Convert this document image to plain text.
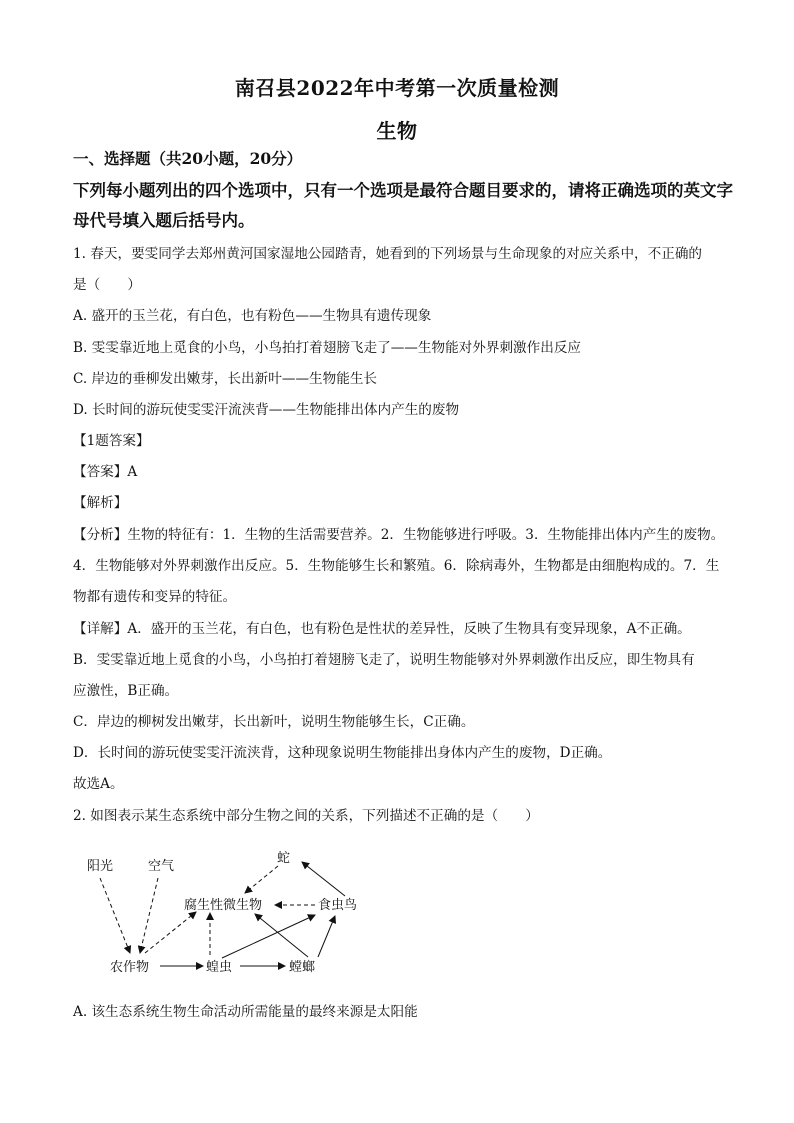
南召县2022年中考第一次质量检测
生物
一、选择题（共20小题，20分）
下列每小题列出的四个选项中，只有一个选项是最符合题目要求的，请将正确选项的英文字
母代号填入题后括号内。
1. 春天，要雯同学去郑州黄河国家湿地公园踏青，她看到的下列场景与生命现象的对应关系中，不正确的
是（　　）
A. 盛开的玉兰花，有白色，也有粉色——生物具有遗传现象
B. 雯雯靠近地上觅食的小鸟，小鸟拍打着翅膀飞走了——生物能对外界刺激作出反应
C. 岸边的垂柳发出嫩芽，长出新叶——生物能生长
D. 长时间的游玩使雯雯汗流浃背——生物能排出体内产生的废物
【1题答案】
【答案】A
【解析】
【分析】生物的特征有：1．生物的生活需要营养。2．生物能够进行呼吸。3．生物能排出体内产生的废物。
4．生物能够对外界刺激作出反应。5．生物能够生长和繁殖。6．除病毒外，生物都是由细胞构成的。7．生
物都有遗传和变异的特征。
【详解】A．盛开的玉兰花，有白色，也有粉色是性状的差异性，反映了生物具有变异现象，A不正确。
B．雯雯靠近地上觅食的小鸟，小鸟拍打着翅膀飞走了，说明生物能够对外界刺激作出反应，即生物具有
应激性，B正确。
C．岸边的柳树发出嫩芽，长出新叶，说明生物能够生长，C正确。
D．长时间的游玩使雯雯汗流浃背，这种现象说明生物能排出身体内产生的废物，D正确。
故选A。
2. 如图表示某生态系统中部分生物之间的关系，下列描述不正确的是（　　）
阳光	空气
蛇
腐生性微生物	食虫鸟
农作物	蝗虫	螳螂
A. 该生态系统生物生命活动所需能量的最终来源是太阳能
